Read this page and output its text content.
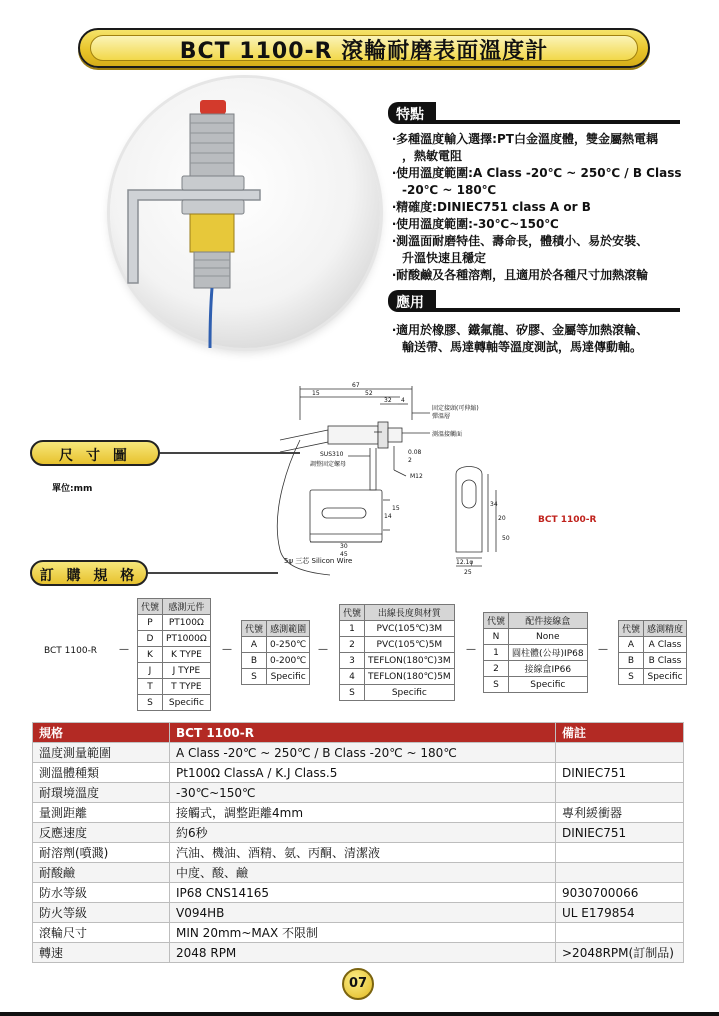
BCT 1100-R 滾輪耐磨表面溫度計
特點
‧多種溫度輸入選擇:PT白金溫度體，雙金屬熱電耦
，熱敏電阻
‧使用溫度範圍:A Class -20℃ ~ 250℃ / B Class
-20℃ ~ 180℃
‧精確度:DINIEC751 class A or B
‧使用溫度範圍:-30℃~150℃
‧測溫面耐磨特佳、壽命長，體積小、易於安裝、
升溫快速且穩定
‧耐酸鹼及各種溶劑，且適用於各種尺寸加熱滾輪
應用
‧適用於橡膠、鐵氟龍、矽膠、金屬等加熱滾輪、
輸送帶、馬達轉軸等溫度測試，馬達傳動軸。
尺 寸 圖
單位:mm
67
15	52
32 4
固定接頭(可伸縮)
彈溫層
測溫接觸面
SUS310
調整固定螺母
0.08
2
M12
30
45
14
15
34
20
50
12.1φ
25
5ψ 三芯 Silicon Wire
BCT 1100-R
訂 購 規 格
BCT 1100-R —
代號	感測元件
P	PT100Ω
D	PT1000Ω
K	K TYPE
J	J TYPE
T	T TYPE
S	Specific
—
代號	感測範圍
A	0-250℃
B	0-200℃
S	Specific
—
代號	出線長度與材質
1	PVC(105℃)3M
2	PVC(105℃)5M
3	TEFLON(180℃)3M
4	TEFLON(180℃)5M
S	Specific
—
代號	配件接線盒
N	None
1	圓柱體(公母)IP68
2	接線盒IP66
S	Specific
—
代號	感測精度
A	A Class
B	B Class
S	Specific
規格	BCT 1100-R	備註
溫度測量範圍	A Class -20℃ ~ 250℃ / B Class -20℃ ~ 180℃	
測溫體種類	Pt100Ω ClassA / K.J Class.5	DINIEC751
耐環境溫度	-30℃~150℃	
量測距離	接觸式，調整距離4mm	專利緩衝器
反應速度	約6秒	DINIEC751
耐溶劑(噴濺)	汽油、機油、酒精、氨、丙酮、清潔液	
耐酸鹼	中度、酸、鹼	
防水等級	IP68 CNS14165	9030700066
防火等級	V094HB	UL E179854
滾輪尺寸	MIN 20mm~MAX 不限制	
轉速	2048 RPM	>2048RPM(訂制品)
07
